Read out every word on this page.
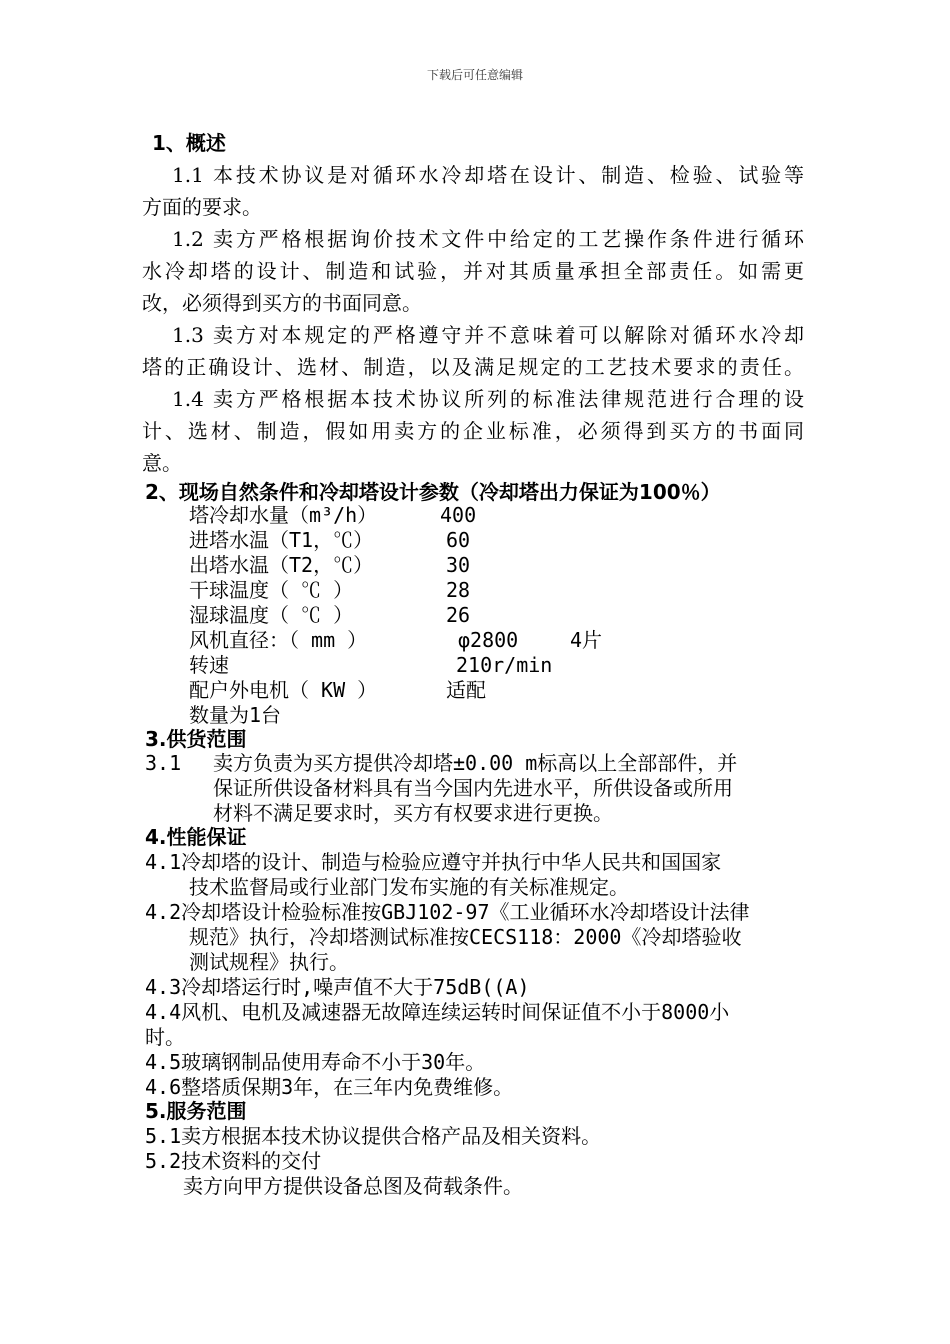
下载后可任意编辑
1、概述
1.1 本技术协议是对循环水冷却塔在设计、制造、检验、试验等
方面的要求。
1.2 卖方严格根据询价技术文件中给定的工艺操作条件进行循环
水冷却塔的设计、制造和试验，并对其质量承担全部责任。如需更
改，必须得到买方的书面同意。
1.3 卖方对本规定的严格遵守并不意味着可以解除对循环水冷却
塔的正确设计、选材、制造，以及满足规定的工艺技术要求的责任。
1.4 卖方严格根据本技术协议所列的标准法律规范进行合理的设
计、选材、制造，假如用卖方的企业标准，必须得到买方的书面同
意。
2、现场自然条件和冷却塔设计参数（冷却塔出力保证为100％）
塔冷却水量（m³/h）	400
进塔水温（T1，℃）	60
出塔水温（T2，℃）	30
干球温度（ ℃ ）	28
湿球温度（ ℃ ）	26
风机直径：（ mm ）	φ2800	4片
转速	210r/min
配户外电机（ KW ）	适配
数量为1台
3.供货范围
3.1 卖方负责为买方提供冷却塔±0.00 m标高以上全部部件，并
保证所供设备材料具有当今国内先进水平，所供设备或所用
材料不满足要求时，买方有权要求进行更换。
4.性能保证
4.1冷却塔的设计、制造与检验应遵守并执行中华人民共和国国家
技术监督局或行业部门发布实施的有关标准规定。
4.2冷却塔设计检验标准按GBJ102-97《工业循环水冷却塔设计法律
规范》执行，冷却塔测试标准按CECS118：2000《冷却塔验收
测试规程》执行。
4.3冷却塔运行时,噪声值不大于75dB((A)
4.4风机、电机及减速器无故障连续运转时间保证值不小于8000小
时。
4.5玻璃钢制品使用寿命不小于30年。
4.6整塔质保期3年，在三年内免费维修。
5.服务范围
5.1卖方根据本技术协议提供合格产品及相关资料。
5.2技术资料的交付
卖方向甲方提供设备总图及荷载条件。
